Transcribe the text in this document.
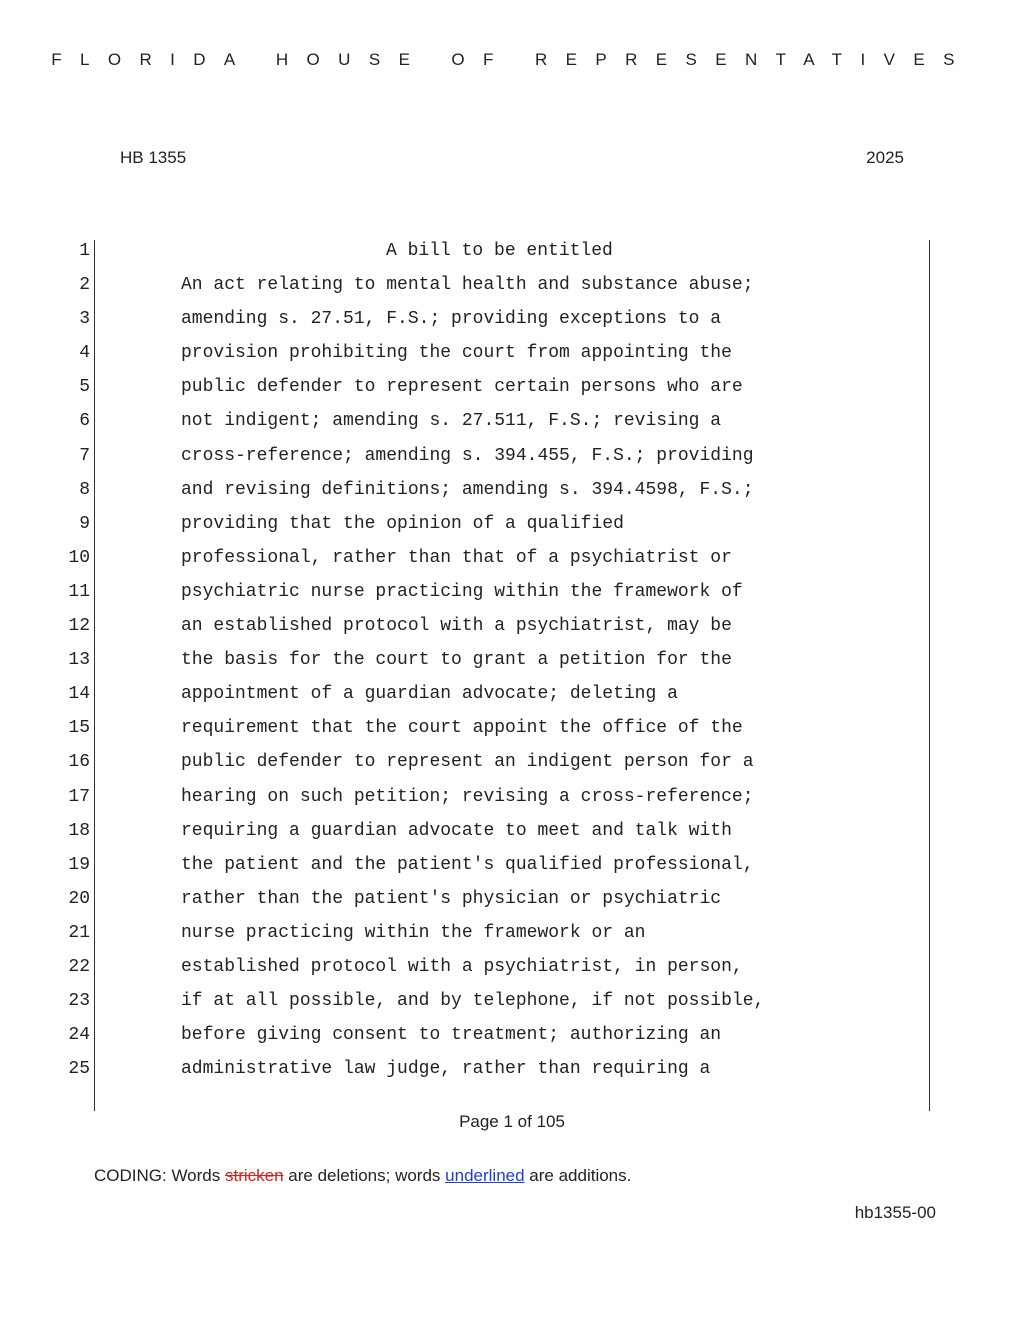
FLORIDA HOUSE OF REPRESENTATIVES
HB 1355	2025
1	A bill to be entitled
2	An act relating to mental health and substance abuse;
3	amending s. 27.51, F.S.; providing exceptions to a
4	provision prohibiting the court from appointing the
5	public defender to represent certain persons who are
6	not indigent; amending s. 27.511, F.S.; revising a
7	cross-reference; amending s. 394.455, F.S.; providing
8	and revising definitions; amending s. 394.4598, F.S.;
9	providing that the opinion of a qualified
10	professional, rather than that of a psychiatrist or
11	psychiatric nurse practicing within the framework of
12	an established protocol with a psychiatrist, may be
13	the basis for the court to grant a petition for the
14	appointment of a guardian advocate; deleting a
15	requirement that the court appoint the office of the
16	public defender to represent an indigent person for a
17	hearing on such petition; revising a cross-reference;
18	requiring a guardian advocate to meet and talk with
19	the patient and the patient's qualified professional,
20	rather than the patient's physician or psychiatric
21	nurse practicing within the framework or an
22	established protocol with a psychiatrist, in person,
23	if at all possible, and by telephone, if not possible,
24	before giving consent to treatment; authorizing an
25	administrative law judge, rather than requiring a
Page 1 of 105
CODING: Words stricken are deletions; words underlined are additions.
hb1355-00
